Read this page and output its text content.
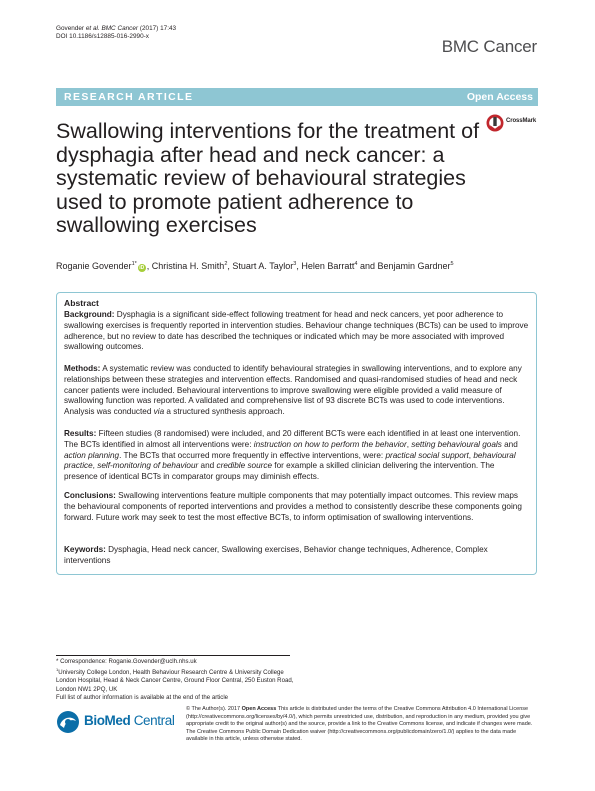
Govender et al. BMC Cancer (2017) 17:43
DOI 10.1186/s12885-016-2990-x
BMC Cancer
RESEARCH ARTICLE	Open Access
Swallowing interventions for the treatment of dysphagia after head and neck cancer: a systematic review of behavioural strategies used to promote patient adherence to swallowing exercises
CrossMark
Roganie Govender$^{1*}$iD , Christina H. Smith$^2$, Stuart A. Taylor$^3$, Helen Barratt$^4$ and Benjamin Gardner$^5$
Abstract
Background: Dysphagia is a significant side-effect following treatment for head and neck cancers, yet poor adherence to swallowing exercises is frequently reported in intervention studies. Behaviour change techniques (BCTs) can be used to improve adherence, but no review to date has described the techniques or indicated which may be more associated with improved swallowing outcomes.
Methods: A systematic review was conducted to identify behavioural strategies in swallowing interventions, and to explore any relationships between these strategies and intervention effects. Randomised and quasi-randomised studies of head and neck cancer patients were included. Behavioural interventions to improve swallowing were eligible provided a valid measure of swallowing function was reported. A validated and comprehensive list of 93 discrete BCTs was used to code interventions. Analysis was conducted via a structured synthesis approach.
Results: Fifteen studies (8 randomised) were included, and 20 different BCTs were each identified in at least one intervention. The BCTs identified in almost all interventions were: instruction on how to perform the behavior, setting behavioural goals and action planning. The BCTs that occurred more frequently in effective interventions, were: practical social support, behavioural practice, self-monitoring of behaviour and credible source for example a skilled clinician delivering the intervention. The presence of identical BCTs in comparator groups may diminish effects.
Conclusions: Swallowing interventions feature multiple components that may potentially impact outcomes. This review maps the behavioural components of reported interventions and provides a method to consistently describe these components going forward. Future work may seek to test the most effective BCTs, to inform optimisation of swallowing interventions.
Keywords: Dysphagia, Head neck cancer, Swallowing exercises, Behavior change techniques, Adherence, Complex interventions
* Correspondence: Roganie.Govender@uclh.nhs.uk
$^1$University College London, Health Behaviour Research Centre & University College London Hospital, Head & Neck Cancer Centre, Ground Floor Central, 250 Euston Road, London NW1 2PQ, UK
Full list of author information is available at the end of the article
BioMed Central
© The Author(s). 2017 Open Access This article is distributed under the terms of the Creative Commons Attribution 4.0 International License (http://creativecommons.org/licenses/by/4.0/), which permits unrestricted use, distribution, and reproduction in any medium, provided you give appropriate credit to the original author(s) and the source, provide a link to the Creative Commons license, and indicate if changes were made. The Creative Commons Public Domain Dedication waiver (http://creativecommons.org/publicdomain/zero/1.0/) applies to the data made available in this article, unless otherwise stated.
